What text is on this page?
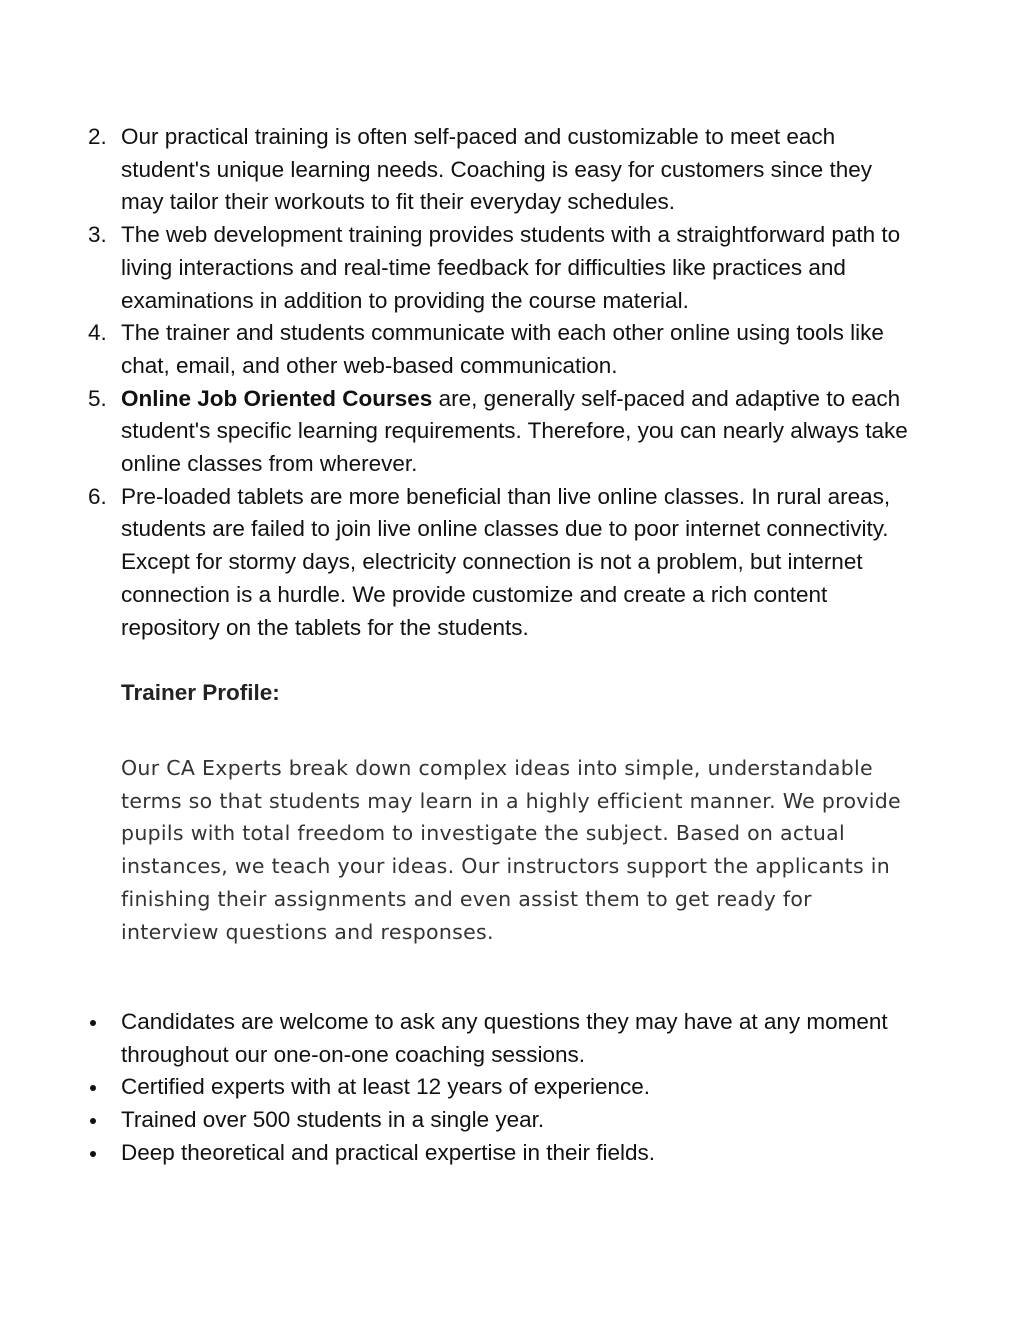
2. Our practical training is often self-paced and customizable to meet each student's unique learning needs. Coaching is easy for customers since they may tailor their workouts to fit their everyday schedules.
3. The web development training provides students with a straightforward path to living interactions and real-time feedback for difficulties like practices and examinations in addition to providing the course material.
4. The trainer and students communicate with each other online using tools like chat, email, and other web-based communication.
5. Online Job Oriented Courses are, generally self-paced and adaptive to each student's specific learning requirements. Therefore, you can nearly always take online classes from wherever.
6. Pre-loaded tablets are more beneficial than live online classes. In rural areas, students are failed to join live online classes due to poor internet connectivity. Except for stormy days, electricity connection is not a problem, but internet connection is a hurdle. We provide customize and create a rich content repository on the tablets for the students.
Trainer Profile:

Our CA Experts break down complex ideas into simple, understandable terms so that students may learn in a highly efficient manner. We provide pupils with total freedom to investigate the subject. Based on actual instances, we teach your ideas. Our instructors support the applicants in finishing their assignments and even assist them to get ready for interview questions and responses.

Candidates are welcome to ask any questions they may have at any moment throughout our one-on-one coaching sessions.
Certified experts with at least 12 years of experience.
Trained over 500 students in a single year.
Deep theoretical and practical expertise in their fields.
